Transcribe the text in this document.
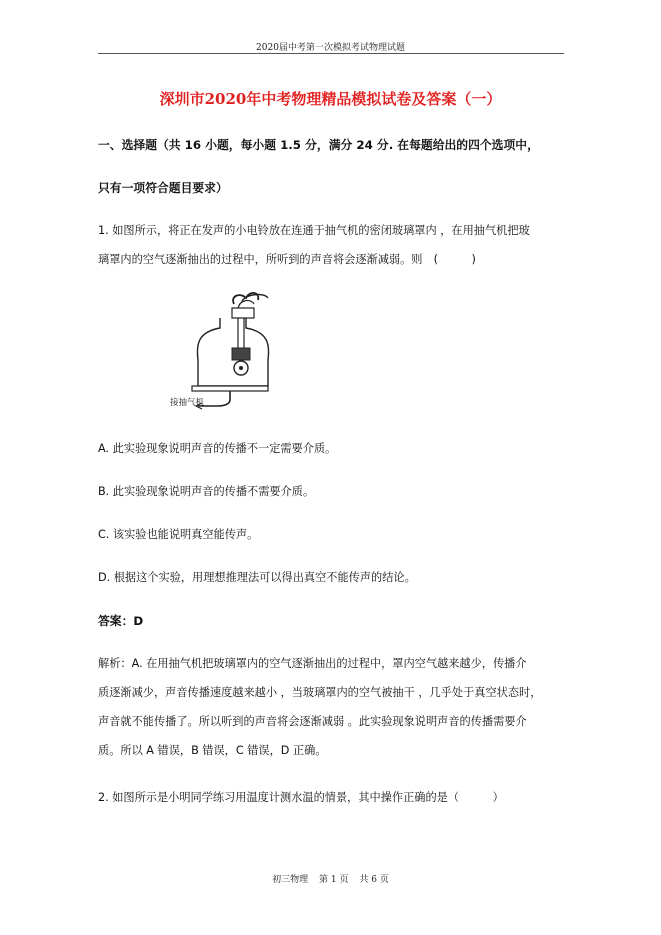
2020届中考第一次模拟考试物理试题
深圳市2020年中考物理精品模拟试卷及答案（一）
一、选择题（共 16 小题，每小题 1.5 分，满分 24 分. 在每题给出的四个选项中，
只有一项符合题目要求）
1. 如图所示，将正在发声的小电铃放在连通于抽气机的密闭玻璃罩内 ，在用抽气机把玻
璃罩内的空气逐渐抽出的过程中，所听到的声音将会逐渐减弱。则　(　　　)
接抽气机
A. 此实验现象说明声音的传播不一定需要介质。
B. 此实验现象说明声音的传播不需要介质。
C. 该实验也能说明真空能传声。
D. 根据这个实验，用理想推理法可以得出真空不能传声的结论。
答案：D
解析：A. 在用抽气机把玻璃罩内的空气逐渐抽出的过程中，罩内空气越来越少，传播介
质逐渐减少，声音传播速度越来越小 ，当玻璃罩内的空气被抽干 ，几乎处于真空状态时，
声音就不能传播了。所以听到的声音将会逐渐减弱 。此实验现象说明声音的传播需要介
质。所以 A 错误，B 错误，C 错误，D 正确。
2. 如图所示是小明同学练习用温度计测水温的情景，其中操作正确的是（　　　）
初三物理 第 1 页 共 6 页
